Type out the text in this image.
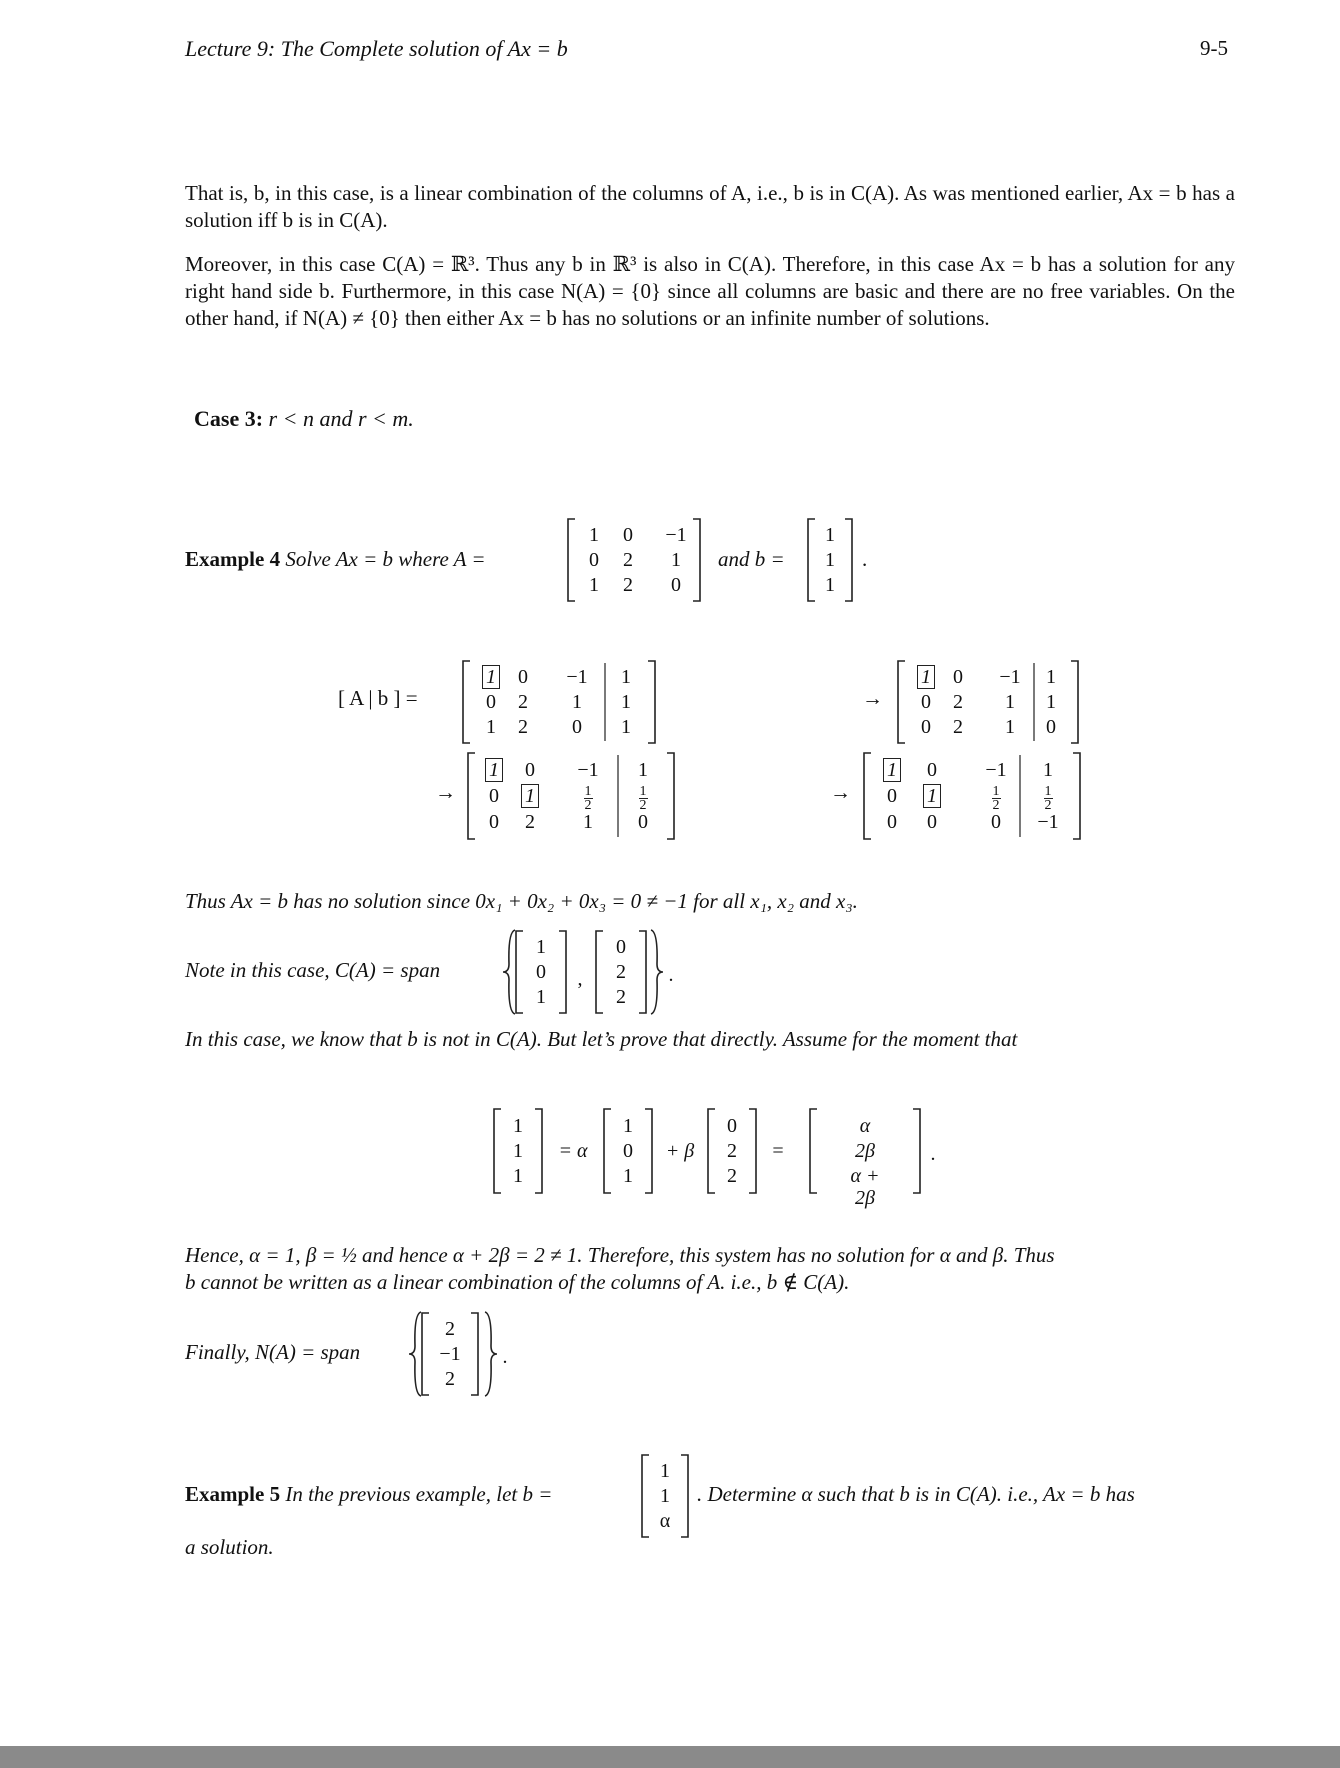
Lecture 9: The Complete solution of Ax = b	9-5

That is, b, in this case, is a linear combination of the columns of A, i.e., b is in C(A). As was mentioned earlier, Ax = b has a solution iff b is in C(A).

Moreover, in this case C(A) = ℝ³. Thus any b in ℝ³ is also in C(A). Therefore, in this case Ax = b has a solution for any right hand side b. Furthermore, in this case N(A) = {0} since all columns are basic and there are no free variables. On the other hand, if N(A) ≠ {0} then either Ax = b has no solutions or an infinite number of solutions.

Case 3: r < n and r < m.
Example 4 Solve Ax = b where A =
1	0	−1
0	2	1
1	2	0
and b =
1
1
1
.
[ A | b ] =
1	0	−1	1
0	2	1	1
1	2	0	1
→
1	0	−1	1
0	2	1	1
0	2	1	0
→
1	0	−1	1
0	1	$\frac{1}{2}$	$\frac{1}{2}$
0	2	1	0
→
1	0	−1	1
0	1	$\frac{1}{2}$	$\frac{1}{2}$
0	0	0	−1
Thus Ax = b has no solution since 0x₁ + 0x₂ + 0x₃ = 0 ≠ −1 for all x₁, x₂ and x₃.
Note in this case, C(A) = span
1
0
1
0
2
2
,	.
In this case, we know that b is not in C(A). But let’s prove that directly. Assume for the moment that
1
1
1
= α
1
0
1
+ β
0
2
2
=
α
2β
α + 2β
.
Hence, α = 1, β = ½ and hence α + 2β = 2 ≠ 1. Therefore, this system has no solution for α and β. Thus
b cannot be written as a linear combination of the columns of A. i.e., b ∉ C(A).
Finally, N(A) = span
2
−1
2
.
Example 5 In the previous example, let b =
1
1
α
. Determine α such that b is in C(A). i.e., Ax = b has
a solution.
